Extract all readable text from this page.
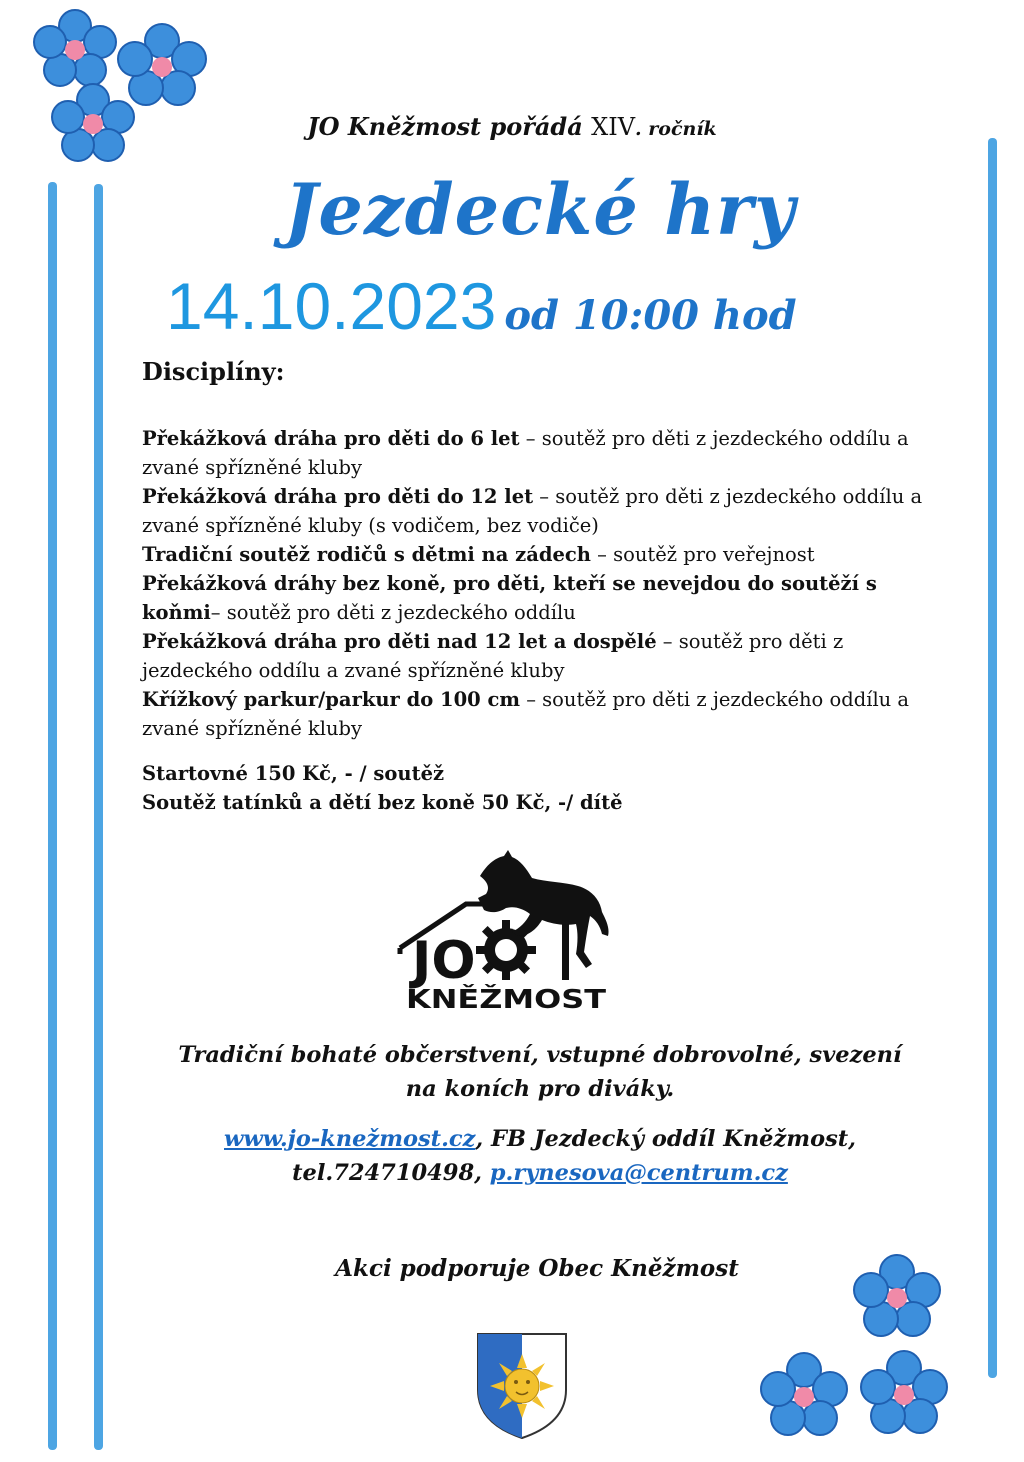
JO Kněžmost pořádá XIV. ročník
Jezdecké hry
14.10.2023 od 10:00 hod
Disciplíny:

Překážková dráha pro děti do 6 let – soutěž pro děti z jezdeckého oddílu a zvané spřízněné kluby

Překážková dráha pro děti do 12 let – soutěž pro děti z jezdeckého oddílu a zvané spřízněné kluby (s vodičem, bez vodiče)

Tradiční soutěž rodičů s dětmi na zádech – soutěž pro veřejnost

Překážková dráhy bez koně, pro děti, kteří se nevejdou do soutěží s koňmi– soutěž pro děti z jezdeckého oddílu

Překážková dráha pro děti nad 12 let a dospělé – soutěž pro děti z jezdeckého oddílu a zvané spřízněné kluby

Křížkový parkur/parkur do 100 cm – soutěž pro děti z jezdeckého oddílu a zvané spřízněné kluby

Startovné 150 Kč, - / soutěž
Soutěž tatínků a dětí bez koně 50 Kč, -/ dítě
JO
KNĚŽMOST
Tradiční bohaté občerstvení, vstupné dobrovolné, svezení
na koních pro diváky.
www.jo-knežmost.cz, FB Jezdecký oddíl Kněžmost,
tel.724710498, p.rynesova@centrum.cz
Akci podporuje Obec Kněžmost
